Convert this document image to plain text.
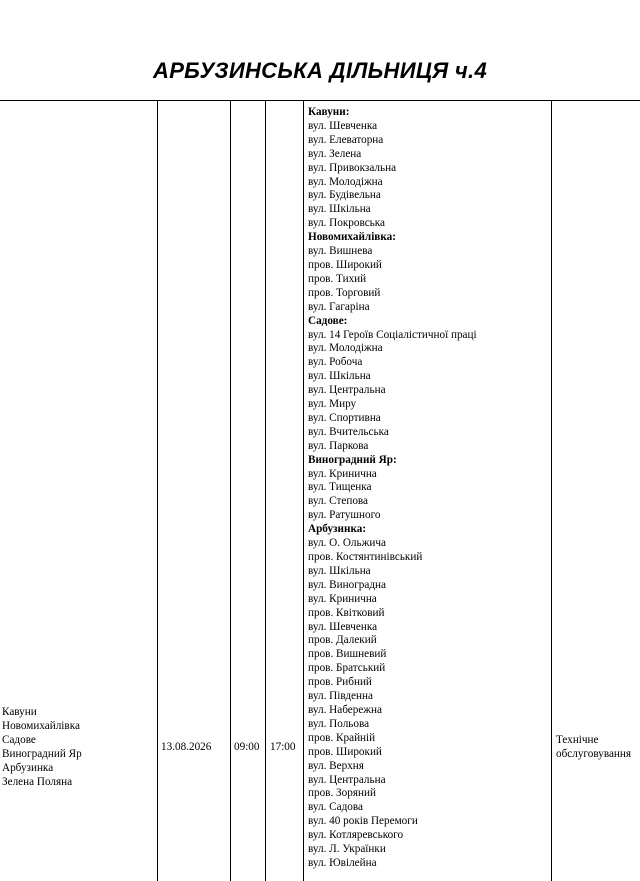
АРБУЗИНСЬКА ДІЛЬНИЦЯ ч.4
Кавуни
Новомихайлівка
Садове
Виноградний Яр
Арбузинка
Зелена Поляна
13.08.2026	09:00 17:00
Кавуни:
вул. Шевченка
вул. Елеваторна
вул. Зелена
вул. Привокзальна
вул. Молодіжна
вул. Будівельна
вул. Шкільна
вул. Покровська
Новомихайлівка:
вул. Вишнева
пров. Широкий
пров. Тихий
пров. Торговий
вул. Гагаріна
Садове:
вул. 14 Героїв Соціалістичної праці
вул. Молодіжна
вул. Робоча
вул. Шкільна
вул. Центральна
вул. Миру
вул. Спортивна
вул. Вчительська
вул. Паркова
Виноградний Яр:
вул. Кринична
вул. Тищенка
вул. Степова
вул. Ратушного
Арбузинка:
вул. О. Ольжича
пров. Костянтинівський
вул. Шкільна
вул. Виноградна
вул. Кринична
пров. Квітковий
вул. Шевченка
пров. Далекий
пров. Вишневий
пров. Братський
пров. Рибний
вул. Південна
вул. Набережна
вул. Польова
пров. Крайній
пров. Широкий
вул. Верхня
вул. Центральна
пров. Зоряний
вул. Садова
вул. 40 років Перемоги
вул. Котляревського
вул. Л. Українки
вул. Ювілейна
Технічне
обслуговування
